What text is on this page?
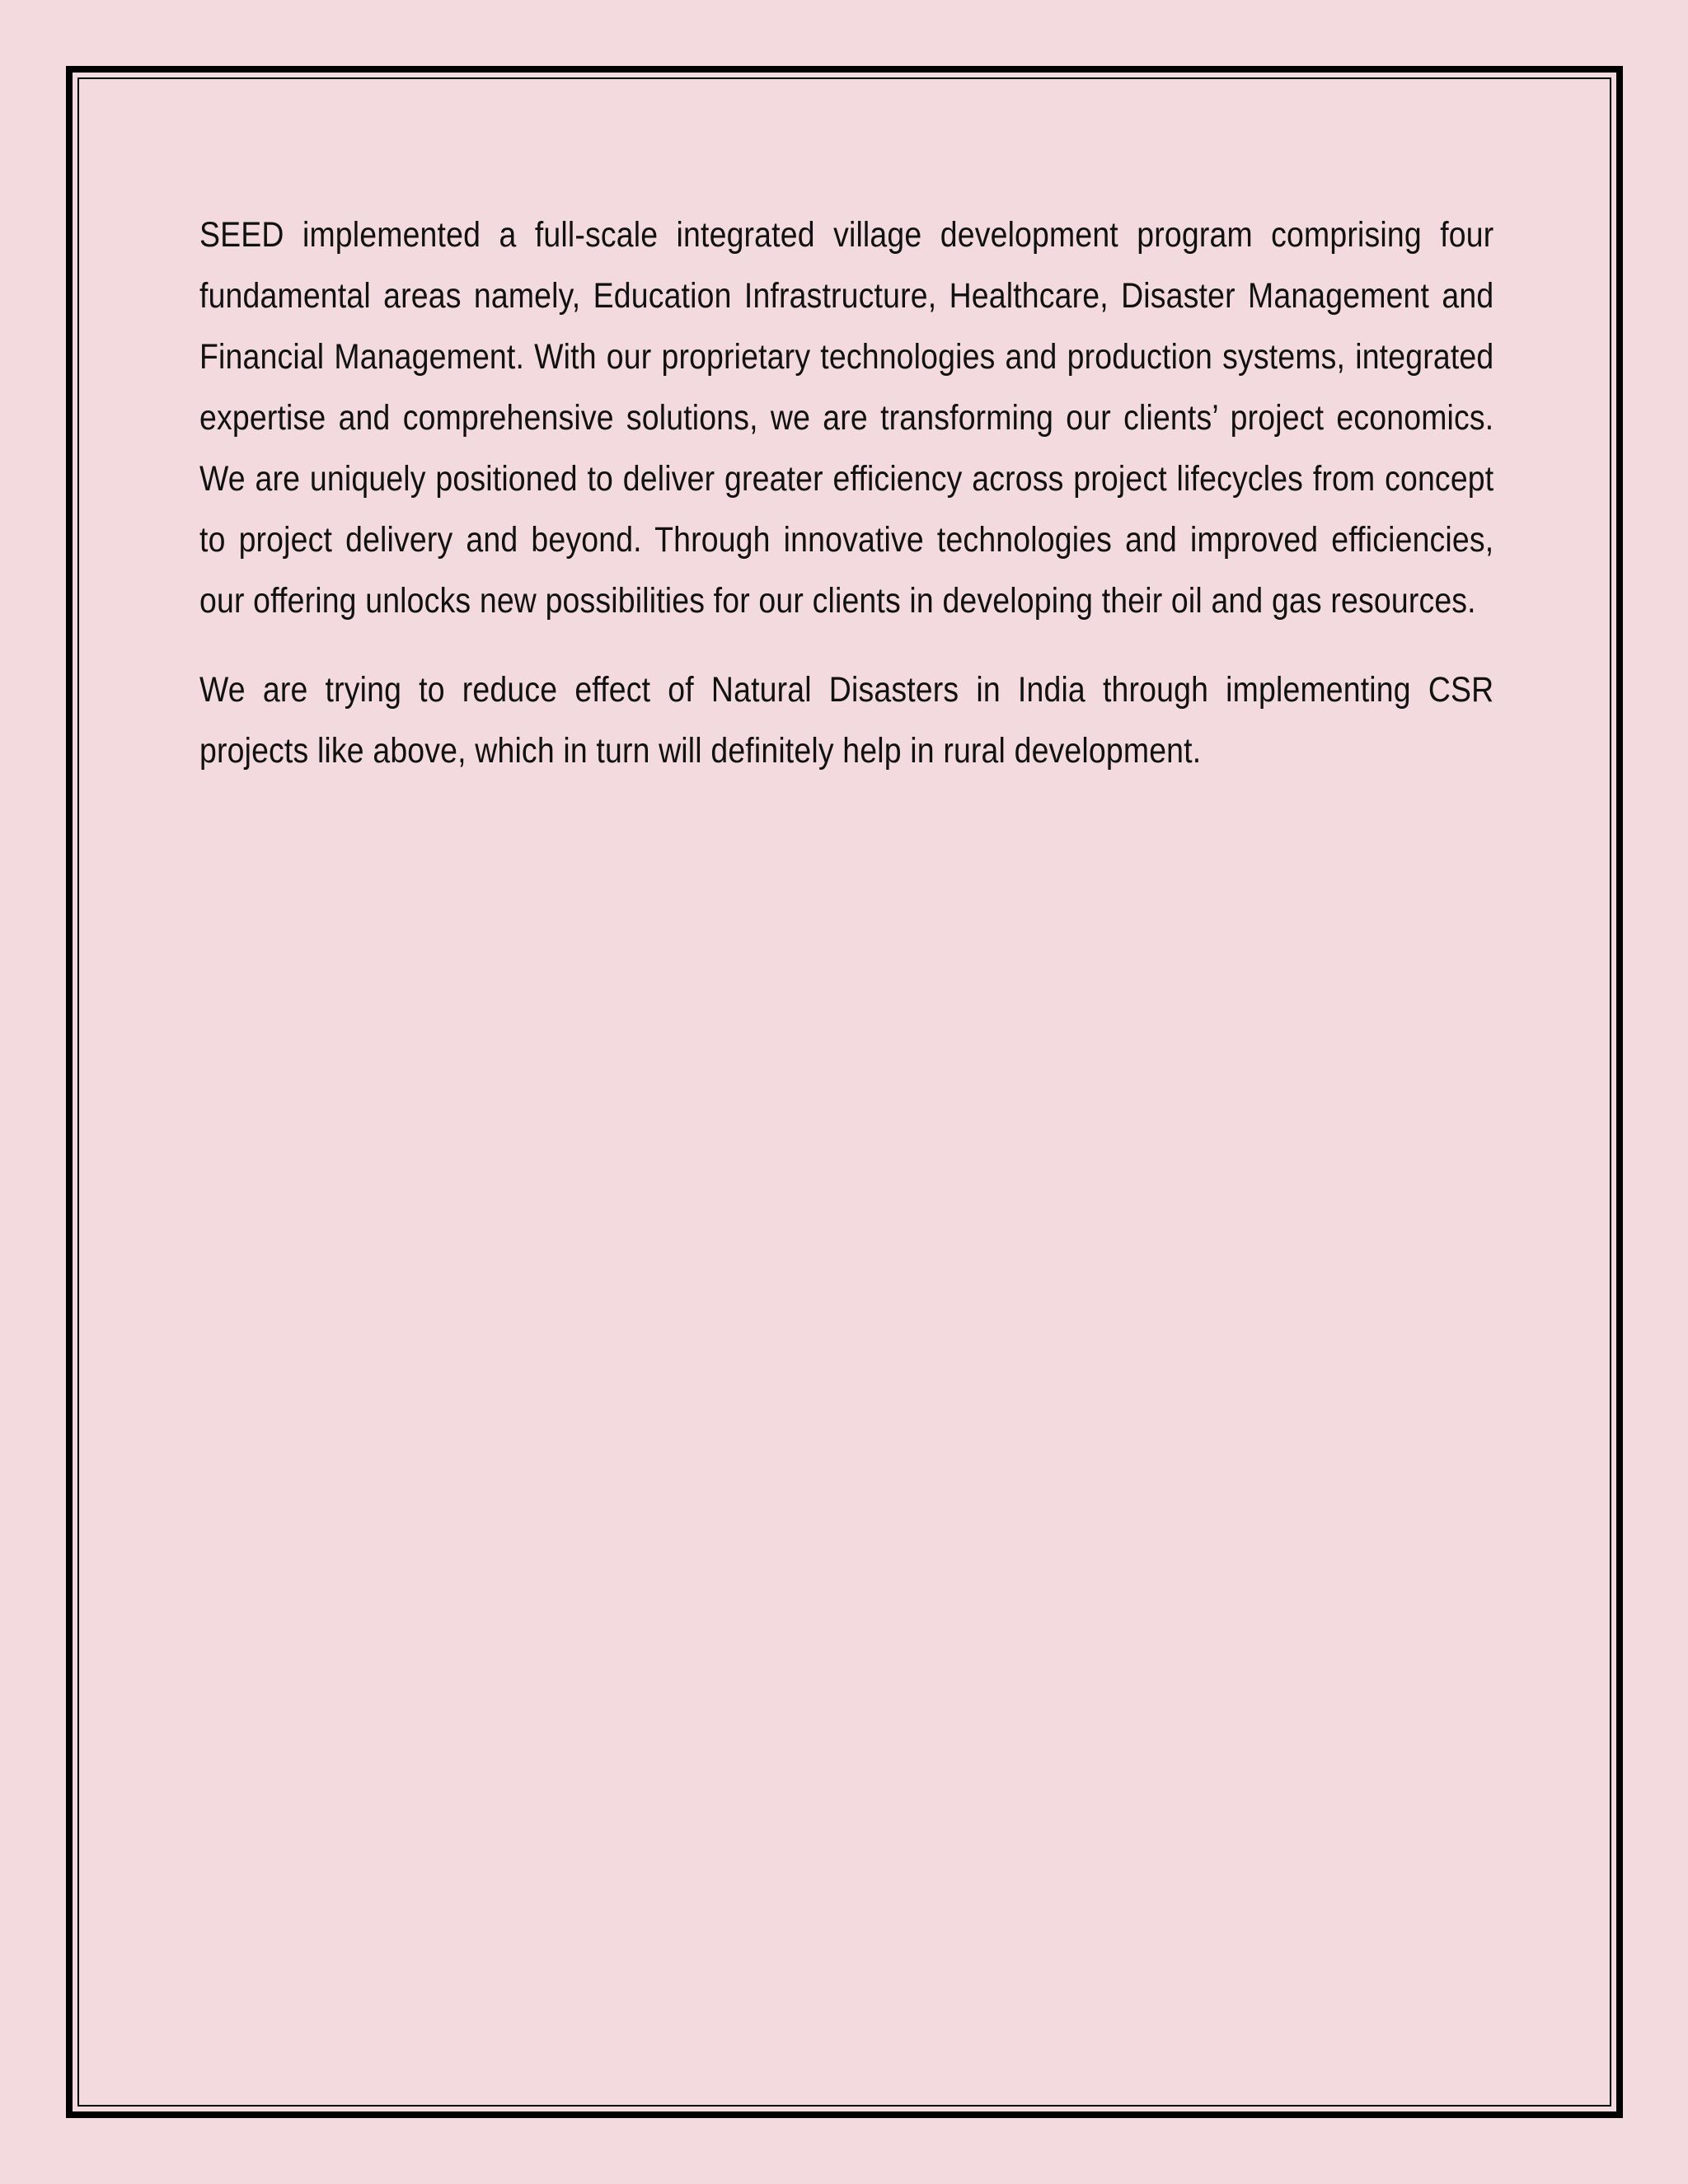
SEED implemented a full-scale integrated village development program comprising four fundamental areas namely, Education Infrastructure, Healthcare, Disaster Management and Financial Management. With our proprietary technologies and production systems, integrated expertise and comprehensive solutions, we are transforming our clients’ project economics. We are uniquely positioned to deliver greater efficiency across project lifecycles from concept to project delivery and beyond. Through innovative technologies and improved efficiencies, our offering unlocks new possibilities for our clients in developing their oil and gas resources.

We are trying to reduce effect of Natural Disasters in India through implementing CSR projects like above, which in turn will definitely help in rural development.
